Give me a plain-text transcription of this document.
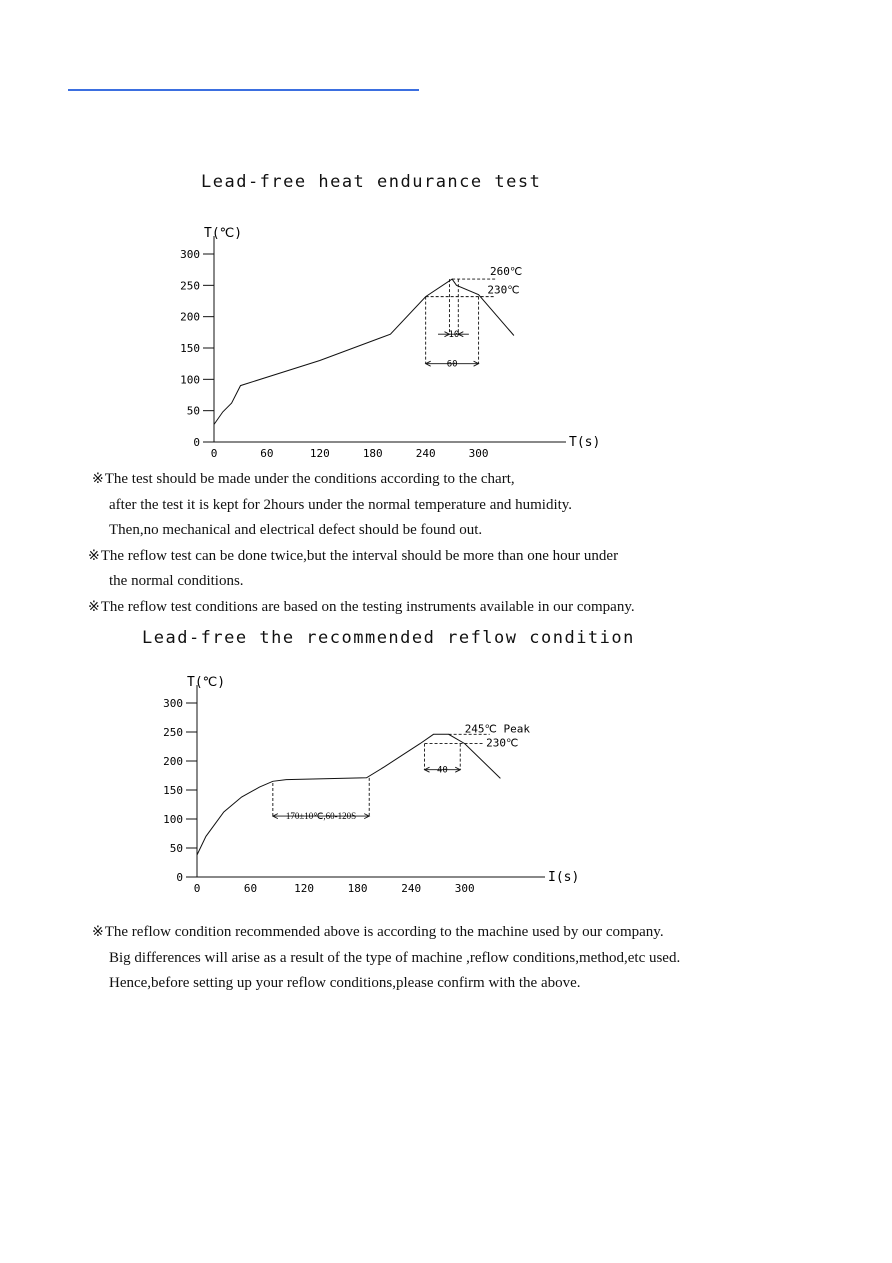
Lead-free heat endurance test
0
50
100
150
200
250
300
0	60	120	180	240	300
T(℃)
T(s)
260℃
230℃
10
60

※The test should be made under the conditions according to the chart,

after the test it is kept for 2hours under the normal temperature and humidity.

Then,no mechanical and electrical defect should be found out.

※The reflow test can be done twice,but the interval should be more than one hour under

the normal conditions.

※The reflow test conditions are based on the testing instruments available in our company.

Lead-free the recommended reflow condition
0
50
100
150
200
250
300
0	60	120	180	240	300
T(℃)
I(s)
245℃ Peak
230℃
40
170±10℃,60-120S

※The reflow condition recommended above is according to the machine used by our company.

Big differences will arise as a result of the type of machine ,reflow conditions,method,etc used.

Hence,before setting up your reflow conditions,please confirm with the above.
